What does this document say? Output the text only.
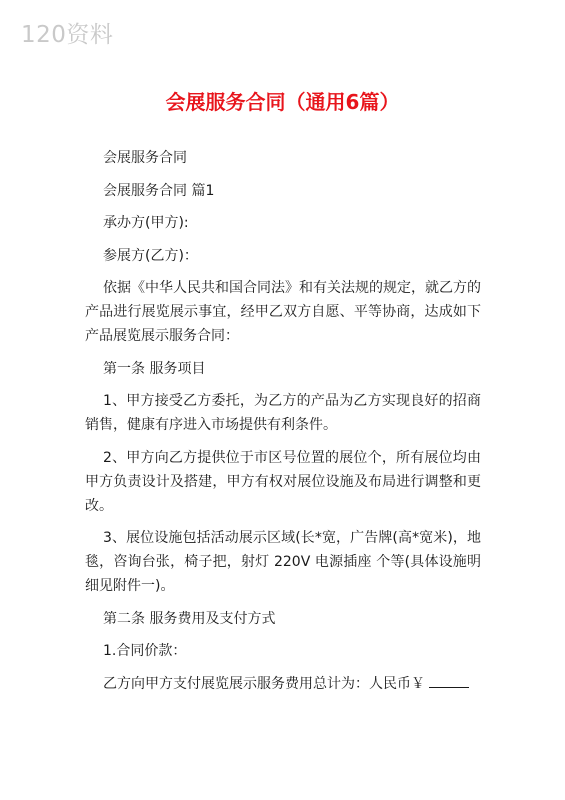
120资料
会展服务合同（通用6篇）

会展服务合同

会展服务合同 篇1

承办方(甲方):

参展方(乙方)：

依据《中华人民共和国合同法》和有关法规的规定，就乙方的产品进行展览展示事宜，经甲乙双方自愿、平等协商，达成如下产品展览展示服务合同：

第一条 服务项目

1、甲方接受乙方委托，为乙方的产品为乙方实现良好的招商销售，健康有序进入市场提供有利条件。

2、甲方向乙方提供位于市区号位置的展位个，所有展位均由甲方负责设计及搭建，甲方有权对展位设施及布局进行调整和更改。

3、展位设施包括活动展示区域(长*宽，广告牌(高*宽米)，地毯，咨询台张，椅子把，射灯 220V 电源插座 个等(具体设施明细见附件一)。

第二条 服务费用及支付方式

1.合同价款：

乙方向甲方支付展览展示服务费用总计为：人民币￥
